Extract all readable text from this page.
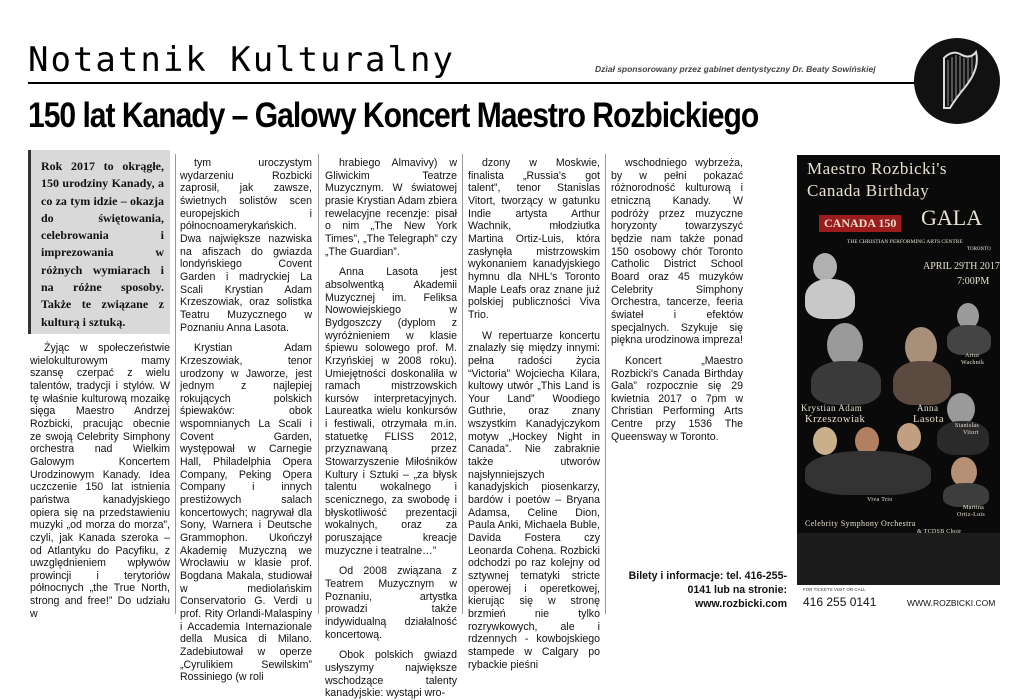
Notatnik Kulturalny	Dział sponsorowany przez gabinet dentystyczny Dr. Beaty Sowińskiej
150 lat Kanady – Galowy Koncert Maestro Rozbickiego
Rok 2017 to okrągłe, 150 urodziny Kanady, a co za tym idzie – okazja do świętowania, celebrowania i imprezowania w różnych wymiarach i na różne sposoby. Także te związane z kulturą i sztuką.

Żyjąc w społeczeństwie wielokulturowym mamy szansę czerpać z wielu talentów, tradycji i stylów. W tę właśnie kulturową mozaikę sięga Maestro Andrzej Rozbicki, pracując obecnie ze swoją Celebrity Simphony orchestra nad Wielkim Galowym Koncertem Urodzinowym Kanady. Idea uczczenie 150 lat istnienia państwa kanadyjskiego opiera się na przedstawieniu muzyki „od morza do morza”, czyli, jak Kanada szeroka – od Atlantyku do Pacyfiku, z uwzględnieniem wpływów prowincji i terytoriów północnych „the True North, strong and free!” Do udziału w

tym uroczystym wydarzeniu Rozbicki zaprosił, jak zawsze, świetnych solistów scen europejskich i północnoamerykańskich. Dwa największe nazwiska na afiszach do gwiazda londyńskiego Covent Garden i madryckiej La Scali Krystian Adam Krzeszowiak, oraz solistka Teatru Muzycznego w Poznaniu Anna Lasota.

Krystian Adam Krzeszowiak, tenor urodzony w Jaworze, jest jednym z najlepiej rokujących polskich śpiewaków: obok wspomnianych La Scali i Covent Garden, występował w Carnegie Hall, Philadelphia Opera Company, Peking Opera Company i innych prestiżowych salach koncertowych; nagrywał dla Sony, Warnera i Deutsche Grammophon. Ukończył Akademię Muzyczną we Wrocławiu w klasie prof. Bogdana Makala, studiował w mediolańskim Conservatorio G. Verdi u prof. Rity Orlandi-Malaspiny i Accademia Internazionale della Musica di Milano. Zadebiutował w operze „Cyrulikiem Sewilskim” Rossiniego (w roli

hrabiego Almavivy) w Gliwickim Teatrze Muzycznym. W światowej prasie Krystian Adam zbiera rewelacyjne recenzje: pisał o nim „The New York Times”, „The Telegraph” czy „The Guardian”.

Anna Lasota jest absolwentką Akademii Muzycznej im. Feliksa Nowowiejskiego w Bydgoszczy (dyplom z wyróżnieniem w klasie śpiewu solowego prof. M. Krzyńskiej w 2008 roku). Umiejętności doskonaliła w ramach mistrzowskich kursów interpretacyjnych. Laureatka wielu konkursów i festiwali, otrzymała m.in. statuetkę FLISS 2012, przyznawaną przez Stowarzyszenie Miłośników Kultury i Sztuki – „za błysk talentu wokalnego i scenicznego, za swobodę i błyskotliwość prezentacji wokalnych, oraz za poruszające kreacje muzyczne i teatralne…”

Od 2008 związana z Teatrem Muzycznym w Poznaniu, artystka prowadzi także indywidualną działalność koncertową.

Obok polskich gwiazd usłyszymy największe wschodzące talenty kanadyjskie: wystąpi wro-

dzony w Moskwie, finalista „Russia's got talent”, tenor Stanislas Vitort, tworzący w gatunku Indie artysta Arthur Wachnik, młodziutka Martina Ortiz-Luis, która zasłynęła mistrzowskim wykonaniem kanadyjskiego hymnu dla NHL's Toronto Maple Leafs oraz znane już polskiej publiczności Viva Trio.

W repertuarze koncertu znalazły się między innymi: pełna radości życia “Victoria” Wojciecha Kilara, kultowy utwór „This Land is Your Land” Woodiego Guthrie, oraz znany wszystkim Kanadyjczykom motyw „Hockey Night in Canada”. Nie zabraknie także utworów najsłynniejszych kanadyjskich piosenkarzy, bardów i poetów – Bryana Adamsa, Celine Dion, Paula Anki, Michaela Buble, Davida Fostera czy Leonarda Cohena. Rozbicki odchodzi po raz kolejny od sztywnej tematyki stricte operowej i operetkowej, kierując się w stronę brzmień nie tylko rozrywkowych, ale i rdzennych - kowbojskiego stampede w Calgary po rybackie pieśni

wschodniego wybrzeża, by w pełni pokazać różnorodność kulturową i etniczną Kanady. W podróży przez muzyczne horyzonty towarzyszyć będzie nam także ponad 150 osobowy chór Toronto Catholic District School Board oraz 45 muzyków Celebrity Simphony Orchestra, tancerze, feeria świateł i efektów specjalnych. Szykuje się piękna urodzinowa impreza!

Koncert „Maestro Rozbicki's Canada Birthday Gala” rozpocznie się 29 kwietnia 2017 o 7pm w Christian Performing Arts Centre przy 1536 The Queensway w Toronto.

Bilety i informacje: tel. 416-255-0141 lub na stronie: www.rozbicki.com
Maestro Rozbicki's
Canada Birthday
GALA
CANADA 150
THE CHRISTIAN PERFORMING ARTS CENTRE
TORONTO
APRIL 29TH 2017
7:00PM
Krystian Adam
Krzeszowiak
Anna
Lasota
Artur
Wachnik
Stanislas
Vitort
Martina
Ortiz-Luis
Viva Trio
Celebrity Symphony Orchestra
& TCDSB Choir
FOR TICKETS VISIT OR CALL
416 255 0141	WWW.ROZBICKI.COM
